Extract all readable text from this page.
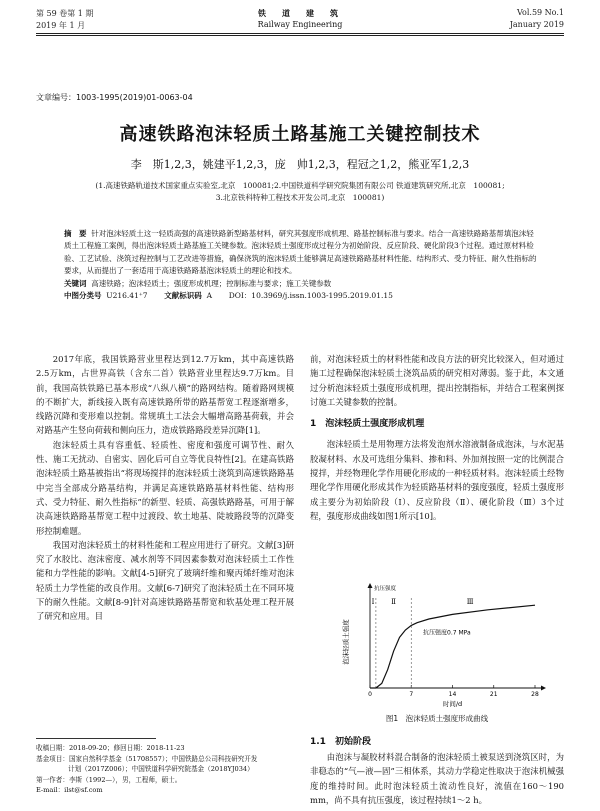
第 59 卷第 1 期
2019 年 1 月
铁　道　建　筑
Railway Engineering
Vol.59 No.1
January 2019
文章编号：1003-1995(2019)01-0063-04
高速铁路泡沫轻质土路基施工关键控制技术
李　斯1,2,3，姚建平1,2,3，庞　帅1,2,3，程冠之1,2，熊亚军1,2,3
(1.高速铁路轨道技术国家重点实验室,北京　100081;2.中国铁道科学研究院集团有限公司 铁道建筑研究所,北京　100081;
3.北京铁科特种工程技术开发公司,北京　100081)
摘　要 针对泡沫轻质土这一轻质高强的高速铁路新型路基材料，研究其强度形成机理、路基控制标准与要求。结合一高速铁路路基帮填泡沫轻质土工程施工案例，得出泡沫轻质土路基施工关键参数。泡沫轻质土强度形成过程分为初始阶段、反应阶段、硬化阶段3个过程。通过原材料检验、工艺试验、浇筑过程控制与工艺改进等措施，确保浇筑的泡沫轻质土能够满足高速铁路路基材料性能、结构形式、受力特征、耐久性指标的要求，从而提出了一套适用于高速铁路路基泡沫轻质土的理论和技术。
关键词 高速铁路；泡沫轻质土；强度形成机理；控制标准与要求；施工关键参数
中图分类号 U216.41⁺7 文献标识码 A DOI：10.3969/j.issn.1003-1995.2019.01.15

2017年底，我国铁路营业里程达到12.7万km，其中高速铁路2.5万km，占世界高铁（含东二首）铁路营业里程达9.7万km。目前，我国高铁铁路已基本形成“八纵八横”的路网结构。随着路网规模的不断扩大，新线接入既有高速铁路所带的路基帮宽工程逐渐增多，线路沉降和变形难以控制。常规填土工法会大幅增高路基荷载，并会对路基产生竖向荷载和侧向压力，造成铁路路段差异沉降[1]。

泡沫轻质土具有容重低、轻质性、密度和强度可调节性、耐久性、施工无扰动、自密实、固化后可自立等优良特性[2]。在建高铁路泡沫轻质土路基被指出“将现场搅拌的泡沫轻质土浇筑到高速铁路路基中完当全部成分路基结构，并满足高速铁路路基材料性能、结构形式、受力特征、耐久性指标”的新型、轻质、高强铁路路基，可用于解决高速铁路路基帮宽工程中过渡段、软土地基、陡坡路段等的沉降变形控制难题。

我国对泡沫轻质土的材料性能和工程应用进行了研究。文献[3]研究了水胶比、泡沫密度、减水剂等不同因素参数对泡沫轻质土工作性能和力学性能的影响。文献[4-5]研究了玻璃纤维和聚丙烯纤维对泡沫轻质土力学性能的改良作用。文献[6-7]研究了泡沫轻质土在不同环境下的耐久性能。文献[8-9]针对高速铁路路基帮宽和软基处理工程开展了研究和应用。目

收稿日期：2018-09-20；修回日期：2018-11-23
基金项目：国家自然科学基金（51708557）；中国铁路总公司科技研究开发
计划（2017Z006）；中国铁道科学研究院基金（2018YJ034）
第一作者：李斯（1992—），男，工程师，硕士。
E-mail：ilst@sf.com

前，对泡沫轻质土的材料性能和改良方法的研究比较深入，但对通过施工过程确保泡沫轻质土浇筑品质的研究相对薄弱。鉴于此，本文通过分析泡沫轻质土强度形成机理，提出控制指标，并结合工程案例探讨施工关键参数的控制。

1　泡沫轻质土强度形成机理

泡沫轻质土是用物理方法将发泡剂水溶液制备成泡沫，与水泥基胶凝材料、水及可选组分集料、掺和料、外加剂按照一定的比例混合搅拌，并经物理化学作用硬化形成的一种轻质材料。泡沫轻质土经物理化学作用硬化形成其作为轻质路基材料的强度强度，轻质土强度形成主要分为初始阶段（Ⅰ）、反应阶段（Ⅱ）、硬化阶段（Ⅲ）3个过程，强度形成曲线如图1所示[10]。

0	7	14	21	28
Ⅰ Ⅱ	Ⅲ
抗压强度0.7 MPa
时间/d
泡沫轻质土强度
抗压强度
图1　泡沫轻质土强度形成曲线
1.1　初始阶段

由泡沫与凝胶材料混合制备的泡沫轻质土被泵送到浇筑区时，为非稳态的“气—液—固”三相体系，其动力学稳定性取决于泡沫机械强度的维持时间。此时泡沫轻质土流动性良好，流值在160～190 mm，尚不具有抗压强度，该过程持续1～2 h。
